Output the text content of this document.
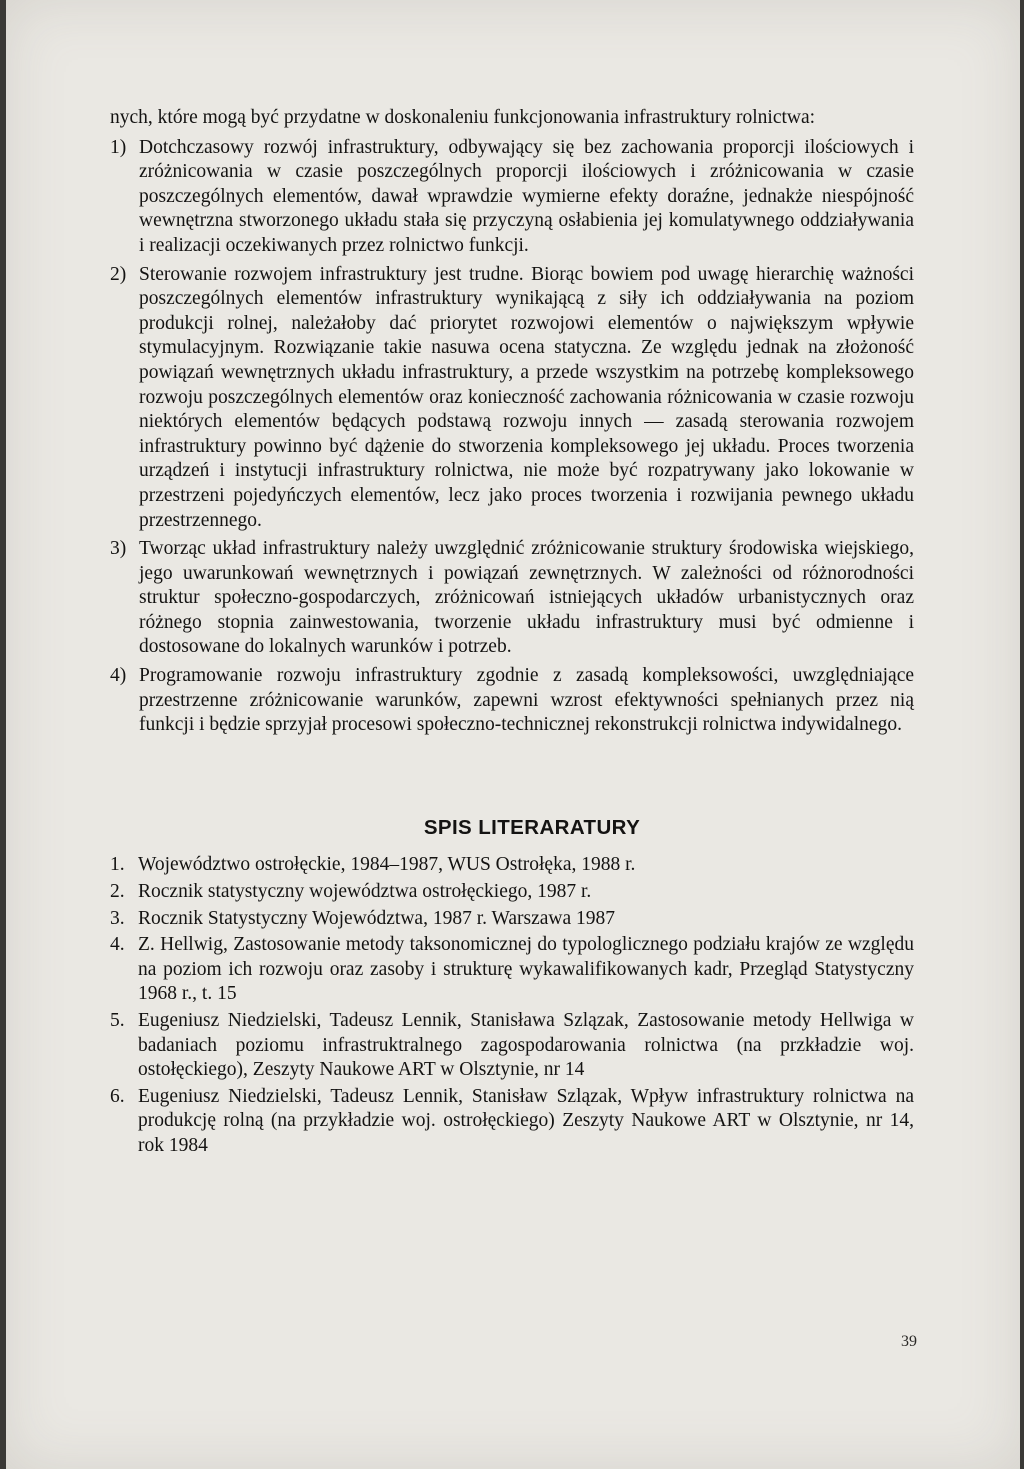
nych, które mogą być przydatne w doskonaleniu funkcjonowania infrastruktury rolnictwa:

1) Dotchczasowy rozwój infrastruktury, odbywający się bez zachowania proporcji ilościowych i zróżnicowania w czasie poszczególnych proporcji ilościowych i zróżnicowania w czasie poszczególnych elementów, dawał wprawdzie wymierne efekty doraźne, jednakże niespójność wewnętrzna stworzonego układu stała się przyczyną osłabienia jej komulatywnego oddziaływania i realizacji oczekiwanych przez rolnictwo funkcji.
2) Sterowanie rozwojem infrastruktury jest trudne. Biorąc bowiem pod uwagę hierarchię ważności poszczególnych elementów infrastruktury wynikającą z siły ich oddziaływania na poziom produkcji rolnej, należałoby dać priorytet rozwojowi elementów o największym wpływie stymulacyjnym. Rozwiązanie takie nasuwa ocena statyczna. Ze względu jednak na złożoność powiązań wewnętrznych układu infrastruktury, a przede wszystkim na potrzebę kompleksowego rozwoju poszczególnych elementów oraz konieczność zachowania różnicowania w czasie rozwoju niektórych elementów będących podstawą rozwoju innych — zasadą sterowania rozwojem infrastruktury powinno być dążenie do stworzenia kompleksowego jej układu. Proces tworzenia urządzeń i instytucji infrastruktury rolnictwa, nie może być rozpatrywany jako lokowanie w przestrzeni pojedyńczych elementów, lecz jako proces tworzenia i rozwijania pewnego układu przestrzennego.
3) Tworząc układ infrastruktury należy uwzględnić zróżnicowanie struktury środowiska wiejskiego, jego uwarunkowań wewnętrznych i powiązań zewnętrznych. W zależności od różnorodności struktur społeczno-gospodarczych, zróżnicowań istniejących układów urbanistycznych oraz różnego stopnia zainwestowania, tworzenie układu infrastruktury musi być odmienne i dostosowane do lokalnych warunków i potrzeb.
4) Programowanie rozwoju infrastruktury zgodnie z zasadą kompleksowości, uwzględniające przestrzenne zróżnicowanie warunków, zapewni wzrost efektywności spełnianych przez nią funkcji i będzie sprzyjał procesowi społeczno-technicznej rekonstrukcji rolnictwa indywidalnego.
SPIS LITERARATURY
1. Województwo ostrołęckie, 1984–1987, WUS Ostrołęka, 1988 r.
2. Rocznik statystyczny województwa ostrołęckiego, 1987 r.
3. Rocznik Statystyczny Województwa, 1987 r. Warszawa 1987
4. Z. Hellwig, Zastosowanie metody taksonomicznej do typologlicznego podziału krajów ze względu na poziom ich rozwoju oraz zasoby i strukturę wykawalifikowanych kadr, Przegląd Statystyczny 1968 r., t. 15
5. Eugeniusz Niedzielski, Tadeusz Lennik, Stanisława Szlązak, Zastosowanie metody Hellwiga w badaniach poziomu infrastruktralnego zagospodarowania rolnictwa (na przkładzie woj. ostołęckiego), Zeszyty Naukowe ART w Olsztynie, nr 14
6. Eugeniusz Niedzielski, Tadeusz Lennik, Stanisław Szlązak, Wpływ infrastruktury rolnictwa na produkcję rolną (na przykładzie woj. ostrołęckiego) Zeszyty Naukowe ART w Olsztynie, nr 14, rok 1984
39
